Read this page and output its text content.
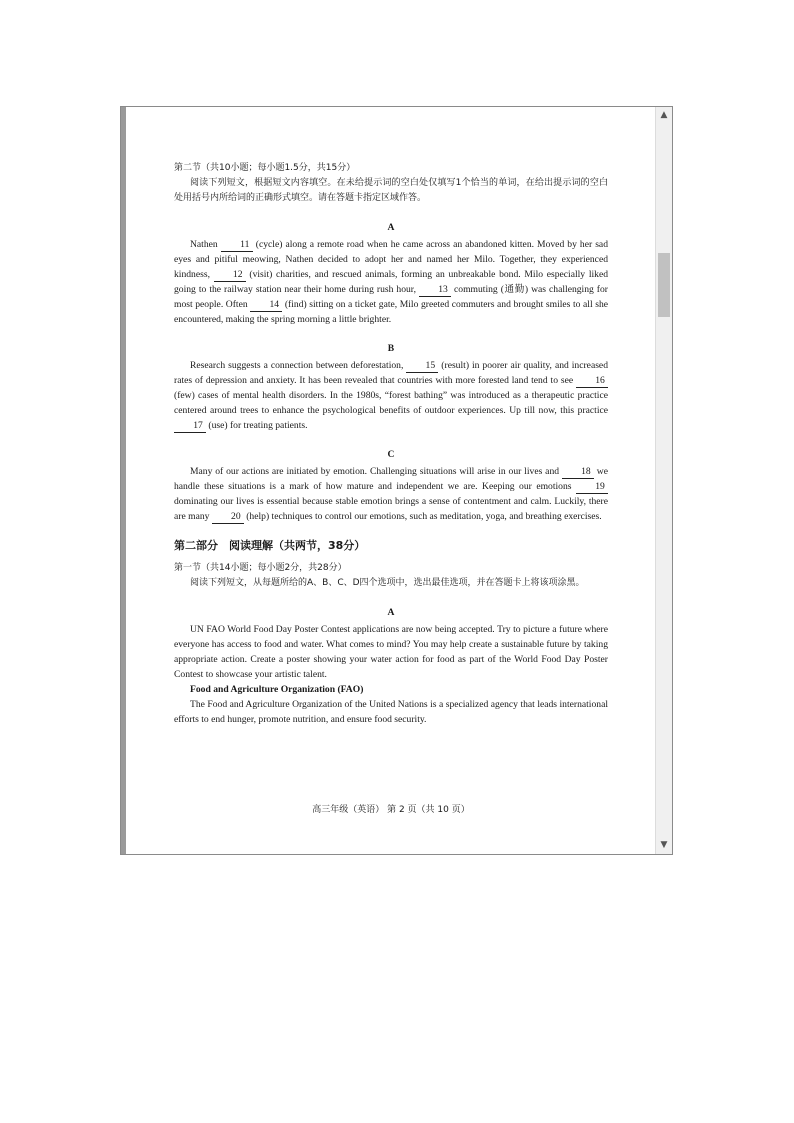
第二节（共10小题；每小题1.5分，共15分）

阅读下列短文，根据短文内容填空。在未给提示词的空白处仅填写1个恰当的单词，在给出提示词的空白处用括号内所给词的正确形式填空。请在答题卡指定区域作答。

A

Nathen 11 (cycle) along a remote road when he came across an abandoned kitten. Moved by her sad eyes and pitiful meowing, Nathen decided to adopt her and named her Milo. Together, they experienced kindness, 12 (visit) charities, and rescued animals, forming an unbreakable bond. Milo especially liked going to the railway station near their home during rush hour, 13 commuting (通勤) was challenging for most people. Often 14 (find) sitting on a ticket gate, Milo greeted commuters and brought smiles to all she encountered, making the spring morning a little brighter.

B

Research suggests a connection between deforestation, 15 (result) in poorer air quality, and increased rates of depression and anxiety. It has been revealed that countries with more forested land tend to see 16 (few) cases of mental health disorders. In the 1980s, “forest bathing” was introduced as a therapeutic practice centered around trees to enhance the psychological benefits of outdoor experiences. Up till now, this practice 17 (use) for treating patients.

C

Many of our actions are initiated by emotion. Challenging situations will arise in our lives and 18 we handle these situations is a mark of how mature and independent we are. Keeping our emotions 19 dominating our lives is essential because stable emotion brings a sense of contentment and calm. Luckily, there are many 20 (help) techniques to control our emotions, such as meditation, yoga, and breathing exercises.

第二部分　阅读理解（共两节，38分）

第一节（共14小题；每小题2分，共28分）

阅读下列短文，从每题所给的A、B、C、D四个选项中，选出最佳选项，并在答题卡上将该项涂黑。

A

UN FAO World Food Day Poster Contest applications are now being accepted. Try to picture a future where everyone has access to food and water. What comes to mind? You may help create a sustainable future by taking appropriate action. Create a poster showing your water action for food as part of the World Food Day Poster Contest to showcase your artistic talent.

Food and Agriculture Organization (FAO)

The Food and Agriculture Organization of the United Nations is a specialized agency that leads international efforts to end hunger, promote nutrition, and ensure food security.

高三年级（英语） 第 2 页（共 10 页）
▲
▼
